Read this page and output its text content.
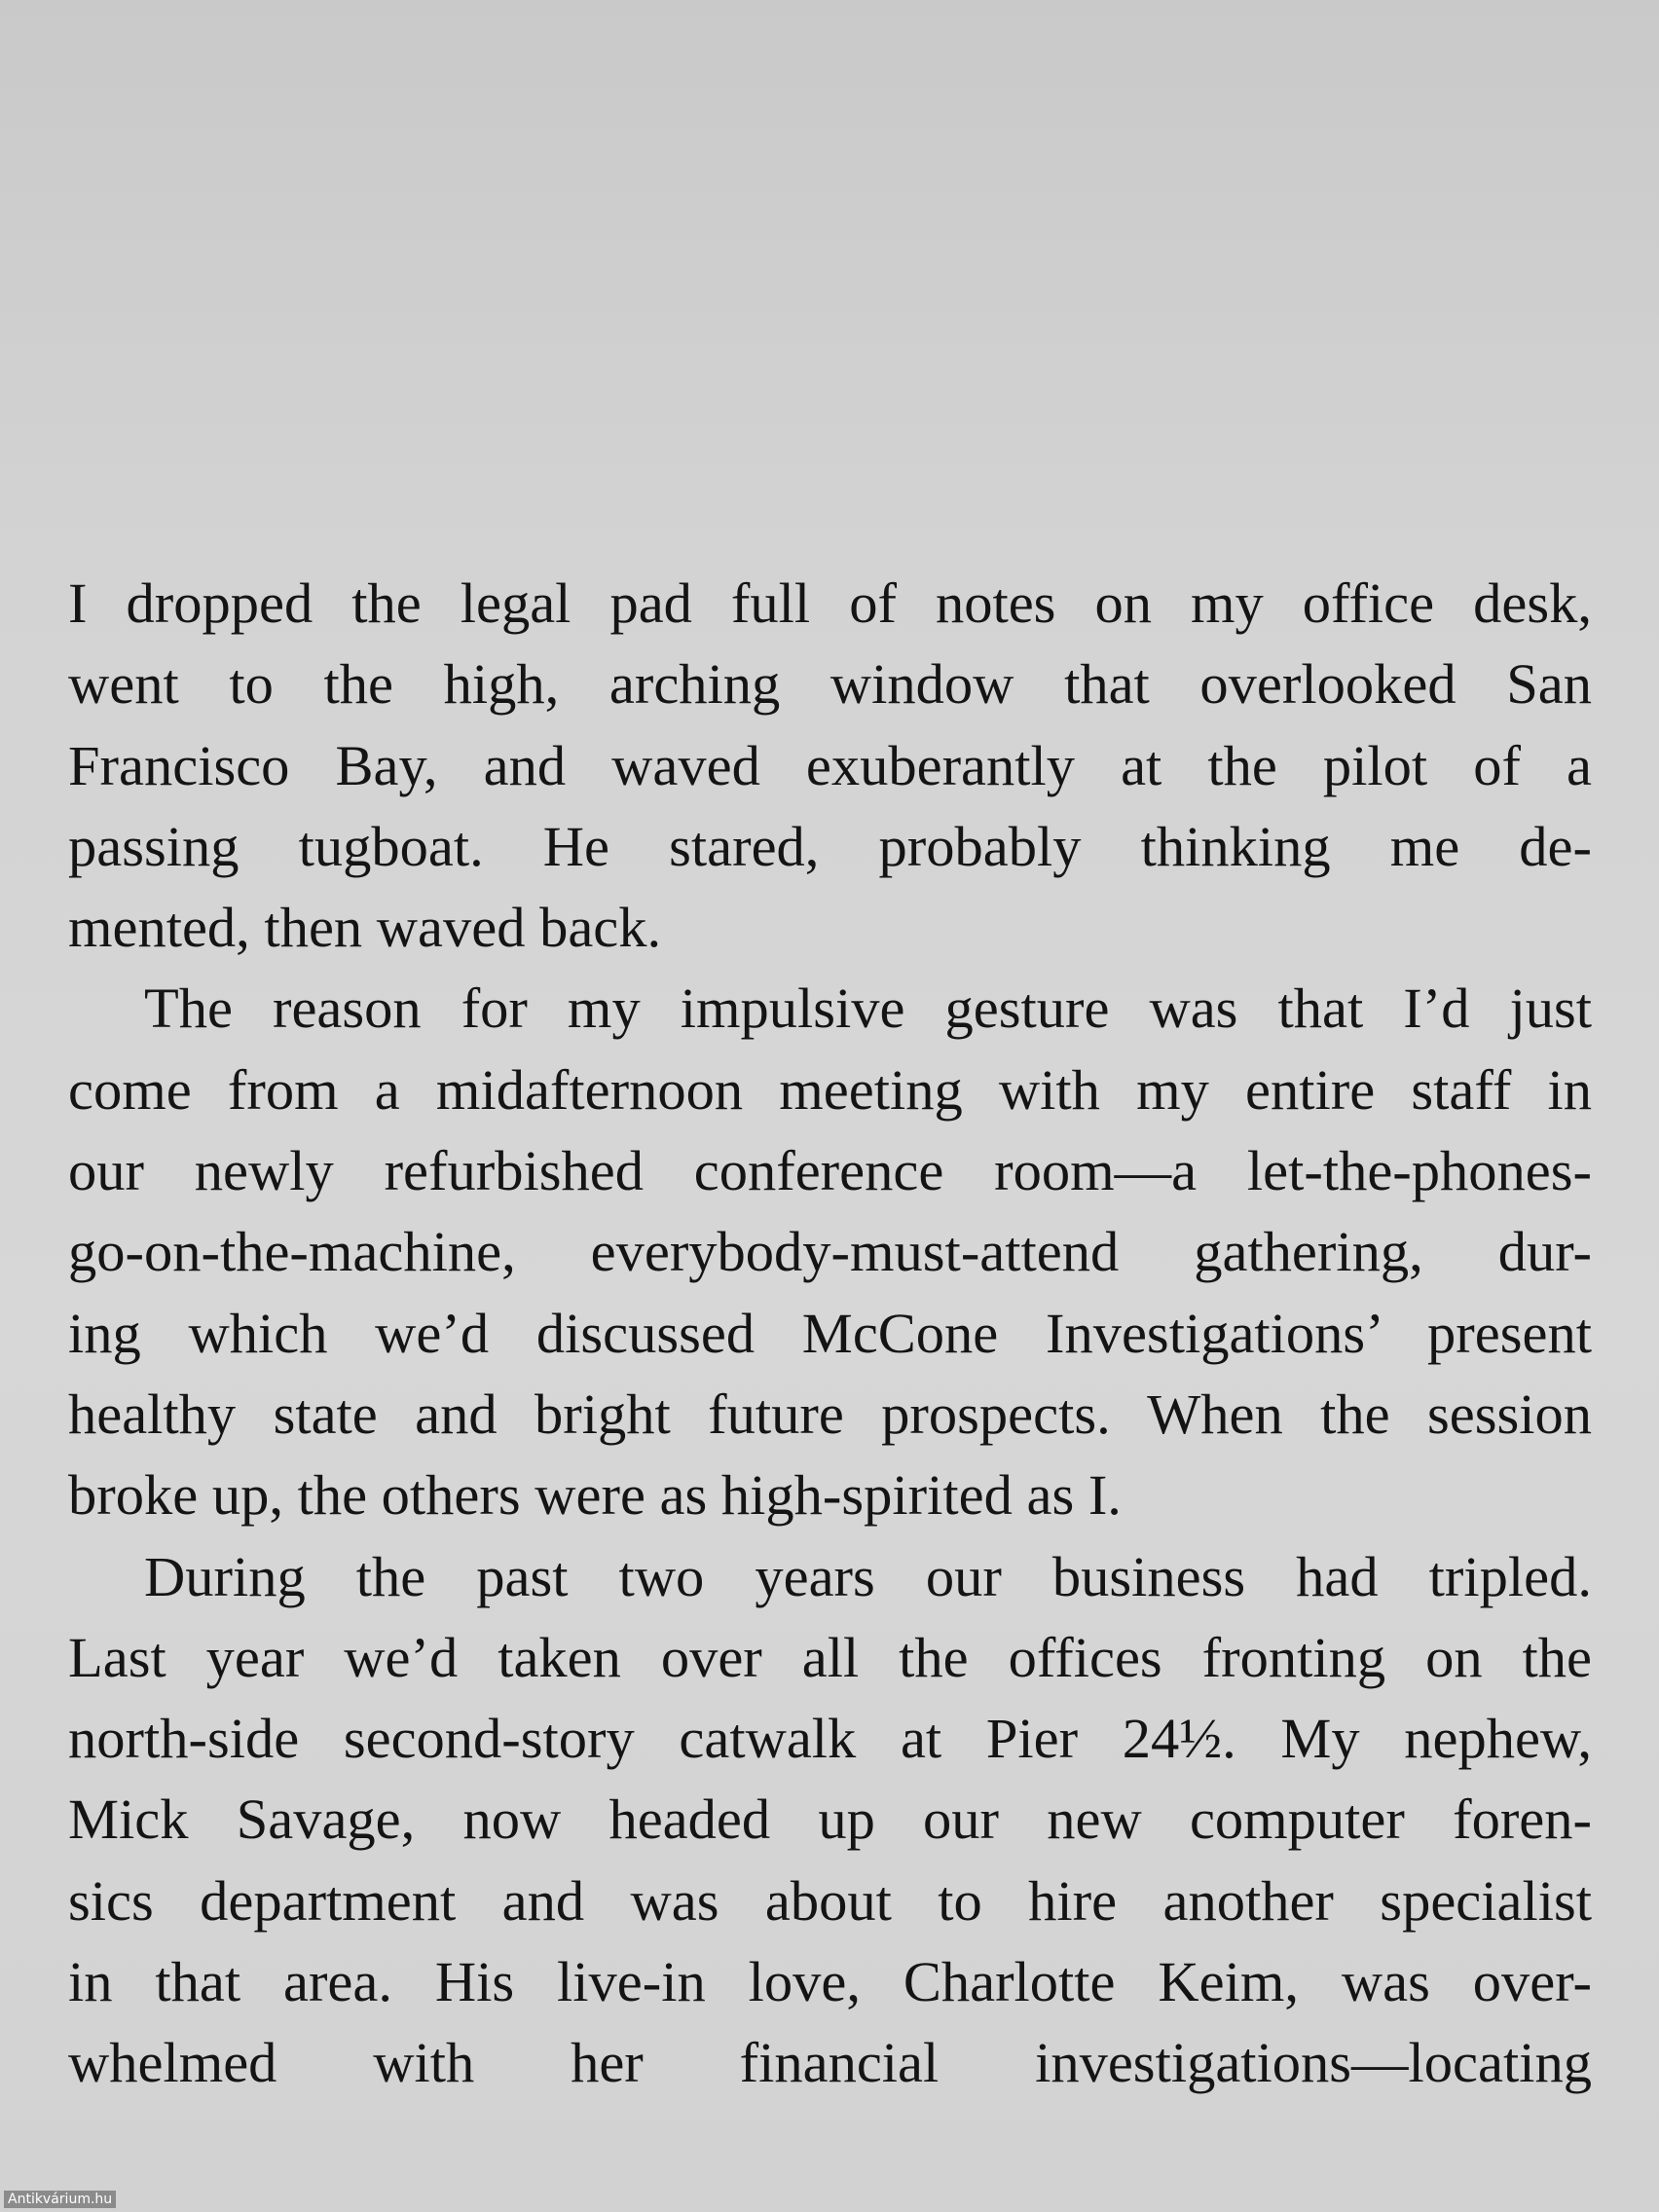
I dropped the legal pad full of notes on my office desk,
went to the high, arching window that overlooked San
Francisco Bay, and waved exuberantly at the pilot of a
passing tugboat. He stared, probably thinking me de-
mented, then waved back.
The reason for my impulsive gesture was that I’d just
come from a midafternoon meeting with my entire staff in
our newly refurbished conference room—a let-the-phones-
go-on-the-machine, everybody-must-attend gathering, dur-
ing which we’d discussed McCone Investigations’ present
healthy state and bright future prospects. When the session
broke up, the others were as high-spirited as I.
During the past two years our business had tripled.
Last year we’d taken over all the offices fronting on the
north-side second-story catwalk at Pier 24½. My nephew,
Mick Savage, now headed up our new computer foren-
sics department and was about to hire another specialist
in that area. His live-in love, Charlotte Keim, was over-
whelmed with her financial investigations—locating
Antikvárium.hu
